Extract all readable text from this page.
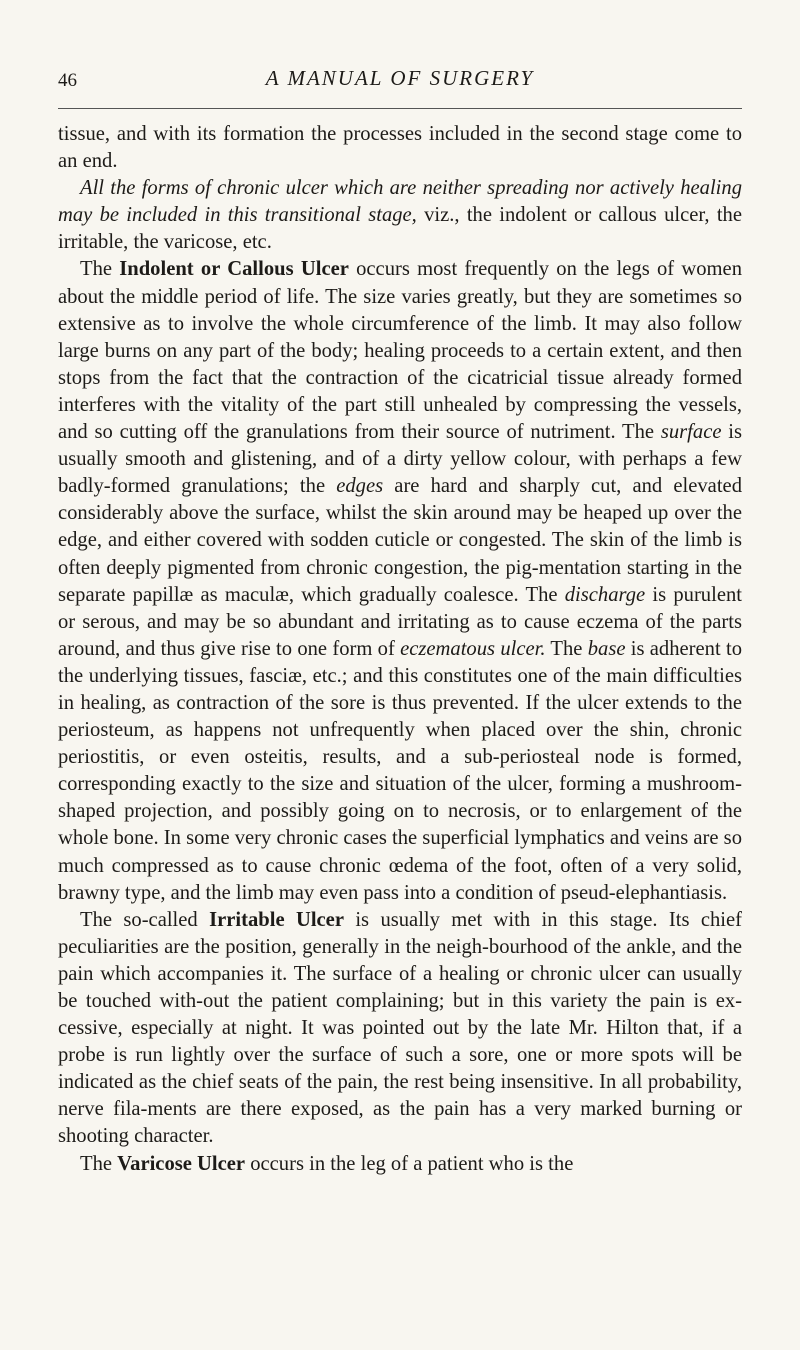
46	A MANUAL OF SURGERY

tissue, and with its formation the processes included in the second stage come to an end.

All the forms of chronic ulcer which are neither spreading nor actively healing may be included in this transitional stage, viz., the indolent or callous ulcer, the irritable, the varicose, etc.

The Indolent or Callous Ulcer occurs most frequently on the legs of women about the middle period of life. The size varies greatly, but they are sometimes so extensive as to involve the whole circumference of the limb. It may also follow large burns on any part of the body; healing proceeds to a certain extent, and then stops from the fact that the contraction of the cicatricial tissue already formed interferes with the vitality of the part still unhealed by compressing the vessels, and so cutting off the granulations from their source of nutriment. The surface is usually smooth and glistening, and of a dirty yellow colour, with perhaps a few badly-formed granulations; the edges are hard and sharply cut, and elevated considerably above the surface, whilst the skin around may be heaped up over the edge, and either covered with sodden cuticle or congested. The skin of the limb is often deeply pigmented from chronic congestion, the pig-mentation starting in the separate papillæ as maculæ, which gradually coalesce. The discharge is purulent or serous, and may be so abundant and irritating as to cause eczema of the parts around, and thus give rise to one form of eczematous ulcer. The base is adherent to the underlying tissues, fasciæ, etc.; and this constitutes one of the main difficulties in healing, as contraction of the sore is thus prevented. If the ulcer extends to the periosteum, as happens not unfrequently when placed over the shin, chronic periostitis, or even osteitis, results, and a sub-periosteal node is formed, corresponding exactly to the size and situation of the ulcer, forming a mushroom-shaped projection, and possibly going on to necrosis, or to enlargement of the whole bone. In some very chronic cases the superficial lymphatics and veins are so much compressed as to cause chronic œdema of the foot, often of a very solid, brawny type, and the limb may even pass into a condition of pseud-elephantiasis.

The so-called Irritable Ulcer is usually met with in this stage. Its chief peculiarities are the position, generally in the neigh-bourhood of the ankle, and the pain which accompanies it. The surface of a healing or chronic ulcer can usually be touched with-out the patient complaining; but in this variety the pain is ex-cessive, especially at night. It was pointed out by the late Mr. Hilton that, if a probe is run lightly over the surface of such a sore, one or more spots will be indicated as the chief seats of the pain, the rest being insensitive. In all probability, nerve fila-ments are there exposed, as the pain has a very marked burning or shooting character.

The Varicose Ulcer occurs in the leg of a patient who is the
